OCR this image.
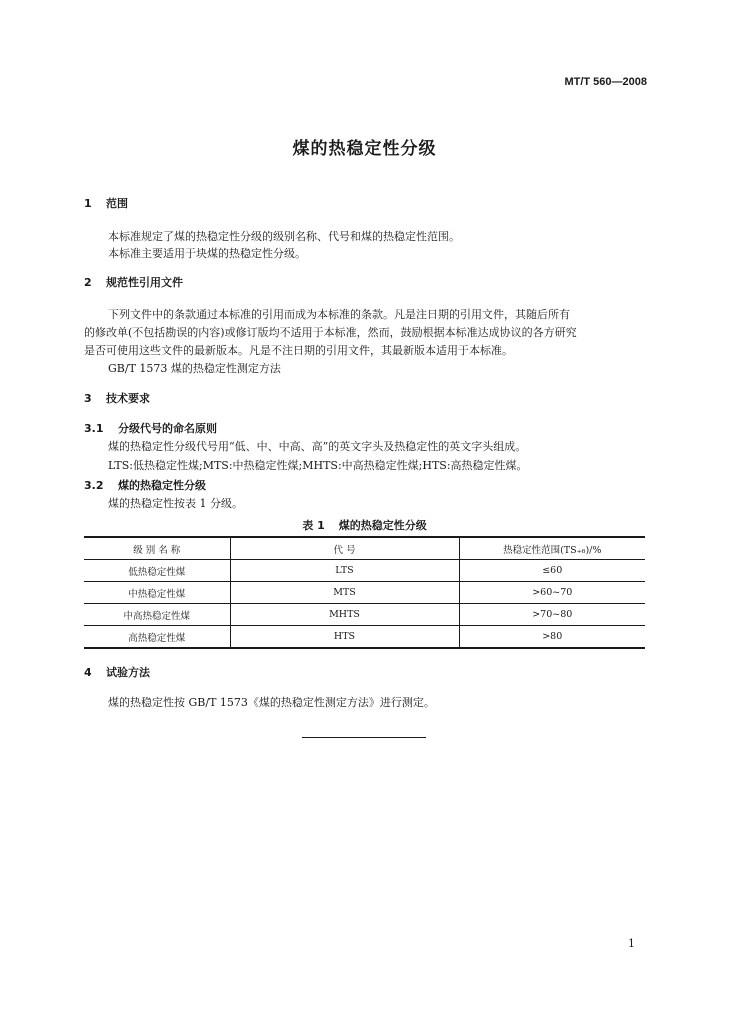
MT/T 560—2008
煤的热稳定性分级
1 范围
本标准规定了煤的热稳定性分级的级别名称、代号和煤的热稳定性范围。
本标准主要适用于块煤的热稳定性分级。
2 规范性引用文件
下列文件中的条款通过本标准的引用而成为本标准的条款。凡是注日期的引用文件，其随后所有
的修改单(不包括勘误的内容)或修订版均不适用于本标准，然而，鼓励根据本标准达成协议的各方研究
是否可使用这些文件的最新版本。凡是不注日期的引用文件，其最新版本适用于本标准。
GB/T 1573 煤的热稳定性测定方法
3 技术要求
3.1 分级代号的命名原则
煤的热稳定性分级代号用“低、中、中高、高”的英文字头及热稳定性的英文字头组成。
LTS:低热稳定性煤;MTS:中热稳定性煤;MHTS:中高热稳定性煤;HTS:高热稳定性煤。
3.2 煤的热稳定性分级
煤的热稳定性按表 1 分级。
表 1 煤的热稳定性分级
级 别 名 称	代 号	热稳定性范围(TS₊₆)/%
低热稳定性煤	LTS	≤60
中热稳定性煤	MTS	>60~70
中高热稳定性煤	MHTS	>70~80
高热稳定性煤	HTS	>80
4 试验方法
煤的热稳定性按 GB/T 1573《煤的热稳定性测定方法》进行测定。
1
